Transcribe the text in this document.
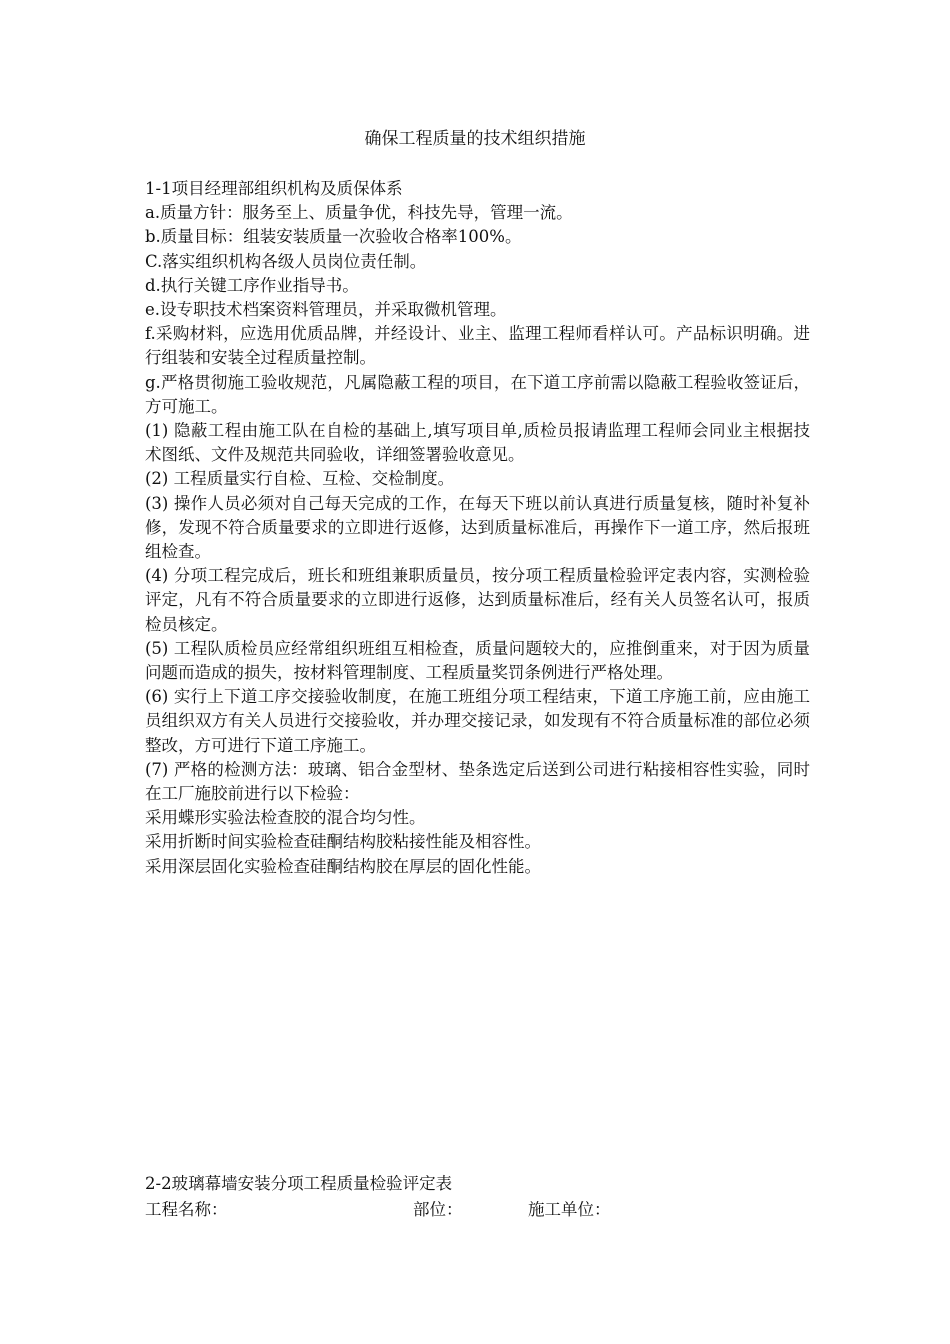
确保工程质量的技术组织措施

1-1项目经理部组织机构及质保体系

a.质量方针：服务至上、质量争优，科技先导，管理一流。

b.质量目标：组装安装质量一次验收合格率100%。

C.落实组织机构各级人员岗位责任制。

d.执行关键工序作业指导书。

e.设专职技术档案资料管理员，并采取微机管理。

f.采购材料，应选用优质品牌，并经设计、业主、监理工程师看样认可。产品标识明确。进行组装和安装全过程质量控制。

g.严格贯彻施工验收规范，凡属隐蔽工程的项目，在下道工序前需以隐蔽工程验收签证后，方可施工。

(1) 隐蔽工程由施工队在自检的基础上,填写项目单,质检员报请监理工程师会同业主根据技术图纸、文件及规范共同验收，详细签署验收意见。

(2) 工程质量实行自检、互检、交检制度。

(3) 操作人员必须对自己每天完成的工作，在每天下班以前认真进行质量复核，随时补复补修，发现不符合质量要求的立即进行返修，达到质量标准后，再操作下一道工序，然后报班组检查。

(4) 分项工程完成后，班长和班组兼职质量员，按分项工程质量检验评定表内容，实测检验评定，凡有不符合质量要求的立即进行返修，达到质量标准后，经有关人员签名认可，报质检员核定。

(5) 工程队质检员应经常组织班组互相检查，质量问题较大的，应推倒重来，对于因为质量问题而造成的损失，按材料管理制度、工程质量奖罚条例进行严格处理。

(6) 实行上下道工序交接验收制度，在施工班组分项工程结束，下道工序施工前，应由施工员组织双方有关人员进行交接验收，并办理交接记录，如发现有不符合质量标准的部位必须整改，方可进行下道工序施工。

(7) 严格的检测方法：玻璃、铝合金型材、垫条选定后送到公司进行粘接相容性实验，同时在工厂施胶前进行以下检验：

采用蝶形实验法检查胶的混合均匀性。

采用折断时间实验检查硅酮结构胶粘接性能及相容性。

采用深层固化实验检查硅酮结构胶在厚层的固化性能。

2-2玻璃幕墙安装分项工程质量检验评定表

工程名称：	部位：	施工单位：
